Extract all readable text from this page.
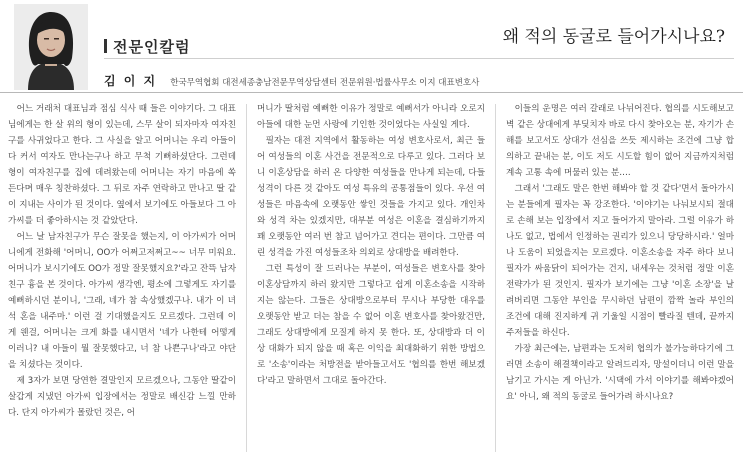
전문인칼럼	왜 적의 동굴로 들어가시나요?
김 이 지 한국무역협회 대전세종충남전문무역상담센터 전문위원·법률사무소 이지 대표변호사

어느 거래처 대표님과 점심 식사 때 들은 이야기다. 그 대표님에게는 한 살 위의 형이 있는데, 스무 살이 되자마자 여자친구를 사귀었다고 한다. 그 사실을 알고 어머니는 우리 아들이 다 커서 여자도 만나는구나 하고 무척 기뻐하셨단다. 그런데 형이 여자친구를 집에 데려왔는데 어머니는 자기 마음에 쏙 든다며 매우 칭찬하셨다. 그 뒤로 자주 연락하고 만나고 딸 같이 지내는 사이가 된 것이다. 옆에서 보기에도 아들보다 그 아가씨를 더 좋아하시는 것 같았단다.

어느 날 남자친구가 무슨 잘못을 했는지, 이 아가씨가 어머니에게 전화해 '어머니, OO가 어쩌고저쩌고~~ 너무 미워요. 어머니가 보시기에도 OO가 정말 잘못했지요?'라고 잔뜩 남자친구 흉을 본 것이다. 아가씨 생각엔, 평소에 그렇게도 자기를 예뻐하시던 분이니, '그래, 네가 참 속상했겠구나. 내가 이 녀석 혼을 내주마.' 이런 걸 기대했을지도 모르겠다. 그런데 이게 웬걸, 어머니는 크게 화를 내시면서 '네가 나한테 어떻게 이러니? 내 아들이 뭘 잘못했다고, 너 참 나쁜구나'라고 야단을 치셨다는 것이다.

제 3자가 보면 당연한 결말인지 모르겠으나, 그동안 딸같이 살갑게 지냈던 아가씨 입장에서는 정말로 배신감 느낄 만하다. 단지 아가씨가 몰랐던 것은, 어

머니가 딸처럼 예뻐한 이유가 정말로 예뻐서가 아니라 오로지 아들에 대한 눈먼 사랑에 기인한 것이었다는 사실일 게다.

필자는 대전 지역에서 활동하는 여성 변호사로서, 최근 들어 여성들의 이혼 사건을 전문적으로 다루고 있다. 그러다 보니 이혼상담을 하러 온 다양한 여성들을 만나게 되는데, 다들 성격이 다른 것 같아도 여성 특유의 공통점들이 있다. 우선 여성들은 마음속에 오랫동안 쌓인 것들을 가지고 있다. 개인차와 성격 차는 있겠지만, 대부분 여성은 이혼을 결심하기까지 꽤 오랫동안 여러 번 참고 넘어가고 견디는 편이다. 그만큼 여린 성격을 가진 여성들조차 의외로 상대방을 배려한다.

그런 특성이 잘 드러나는 부분이, 여성들은 변호사를 찾아 이혼상담까지 하러 왔지만 그렇다고 쉽게 이혼소송을 시작하지는 않는다. 그들은 상대방으로부터 무시나 부당한 대우를 오랫동안 받고 더는 참을 수 없어 이혼 변호사를 찾아왔건만, 그래도 상대방에게 모질게 하지 못 한다. 또, 상대방과 더 이상 대화가 되지 않을 때 혹은 이익을 최대화하기 위한 방법으로 '소송'이라는 처방전을 받아들고서도 '협의를 한번 해보겠다'라고 말하면서 그대로 돌아간다.

이들의 운명은 여러 갈래로 나뉘어진다. 협의를 시도해보고 벽 같은 상대에게 부딪치자 바로 다시 찾아오는 분, 자기가 손해를 보고서도 상대가 선심을 쓰듯 제시하는 조건에 그냥 합의하고 끝내는 분, 이도 저도 시도할 힘이 없어 지금까지처럼 계속 고통 속에 머물러 있는 분….

그래서 '그래도 말은 한번 해봐야 할 것 같다'면서 돌아가시는 분들에게 필자는 꼭 강조한다. '이야기는 나눠보시되 절대로 손해 보는 입장에서 지고 들어가지 말아라. 그럴 이유가 하나도 없고, 법에서 인정하는 권리가 있으니 당당하시라.' 얼마나 도움이 되었을지는 모르겠다. 이혼소송을 자주 하다 보니 필자가 싸움닭이 되어가는 건지, 내세우는 것처럼 정말 이혼 전략가가 된 것인지. 필자가 보기에는 그냥 '이혼 소장'을 날려버리면 그동안 부인을 무시하던 남편이 깜짝 놀라 부인의 조건에 대해 진지하게 귀 기울일 시점이 빨라질 텐데, 끝까지 주저들을 하신다.

가장 최근에는, 남편과는 도저히 협의가 불가능하다기에 그러면 소송이 해결책이라고 알려드리자, 망설이더니 이런 말을 남기고 가시는 게 아닌가. '시댁에 가서 이야기를 해봐야겠어요' 아니, 왜 적의 동굴로 들어가려 하시나요?
